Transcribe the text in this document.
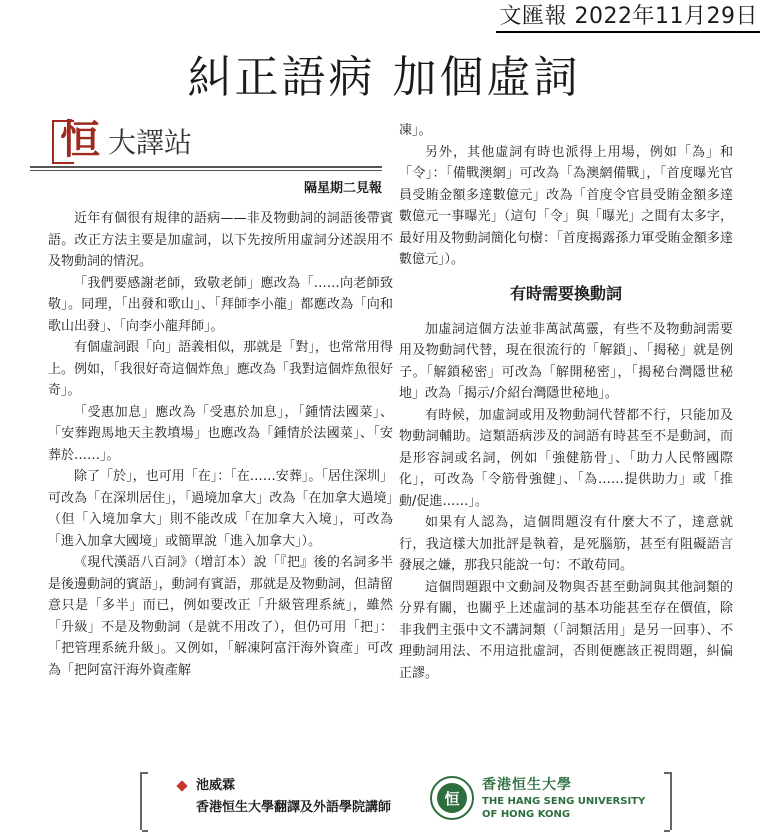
文匯報 2022年11月29日
糾正語病 加個虛詞
恒 大譯站
隔星期二見報

近年有個很有規律的語病——非及物動詞的詞語後帶賓語。改正方法主要是加虛詞，以下先按所用虛詞分述誤用不及物動詞的情況。

「我們要感謝老師，致敬老師」應改為「……向老師致敬」。同理，「出發和歌山」、「拜師李小龍」都應改為「向和歌山出發」、「向李小龍拜師」。

有個虛詞跟「向」語義相似，那就是「對」，也常常用得上。例如，「我很好奇這個炸魚」應改為「我對這個炸魚很好奇」。

「受惠加息」應改為「受惠於加息」，「鍾情法國菜」、「安葬跑馬地天主教墳場」也應改為「鍾情於法國菜」、「安葬於……」。

除了「於」，也可用「在」：「在……安葬」。「居住深圳」可改為「在深圳居住」，「過境加拿大」改為「在加拿大過境」（但「入境加拿大」則不能改成「在加拿大入境」，可改為「進入加拿大國境」或簡單說「進入加拿大」）。

《現代漢語八百詞》（增訂本）說「『把』後的名詞多半是後邊動詞的賓語」，動詞有賓語，那就是及物動詞，但請留意只是「多半」而已，例如要改正「升級管理系統」，雖然「升級」不是及物動詞（是就不用改了），但仍可用「把」：「把管理系統升級」。又例如，「解凍阿富汗海外資產」可改為「把阿富汗海外資產解

凍」。

另外，其他虛詞有時也派得上用場，例如「為」和「令」：「備戰澳網」可改為「為澳網備戰」，「首度曝光官員受賄金額多達數億元」改為「首度令官員受賄金額多達數億元一事曝光」（這句「令」與「曝光」之間有太多字，最好用及物動詞簡化句樹：「首度揭露孫力軍受賄金額多達數億元」）。

有時需要換動詞

加虛詞這個方法並非萬試萬靈，有些不及物動詞需要用及物動詞代替，現在很流行的「解鎖」、「揭秘」就是例子。「解鎖秘密」可改為「解開秘密」，「揭秘台灣隱世秘地」改為「揭示/介紹台灣隱世秘地」。

有時候，加虛詞或用及物動詞代替都不行，只能加及物動詞輔助。這類語病涉及的詞語有時甚至不是動詞，而是形容詞或名詞，例如「強健筋骨」、「助力人民幣國際化」，可改為「令筋骨強健」、「為……提供助力」或「推動/促進……」。

如果有人認為，這個問題沒有什麼大不了，達意就行，我這樣大加批評是執着，是死腦筋，甚至有阻礙語言發展之嫌，那我只能說一句：不敢苟同。

這個問題跟中文動詞及物與否甚至動詞與其他詞類的分界有關，也關乎上述虛詞的基本功能甚至存在價值，除非我們主張中文不講詞類（「詞類活用」是另一回事）、不理動詞用法、不用這批虛詞，否則便應該正視問題，糾偏正謬。

池威霖
香港恒生大學翻譯及外語學院講師	恒
香港恒生大學
THE HANG SENG UNIVERSITY
OF HONG KONG
